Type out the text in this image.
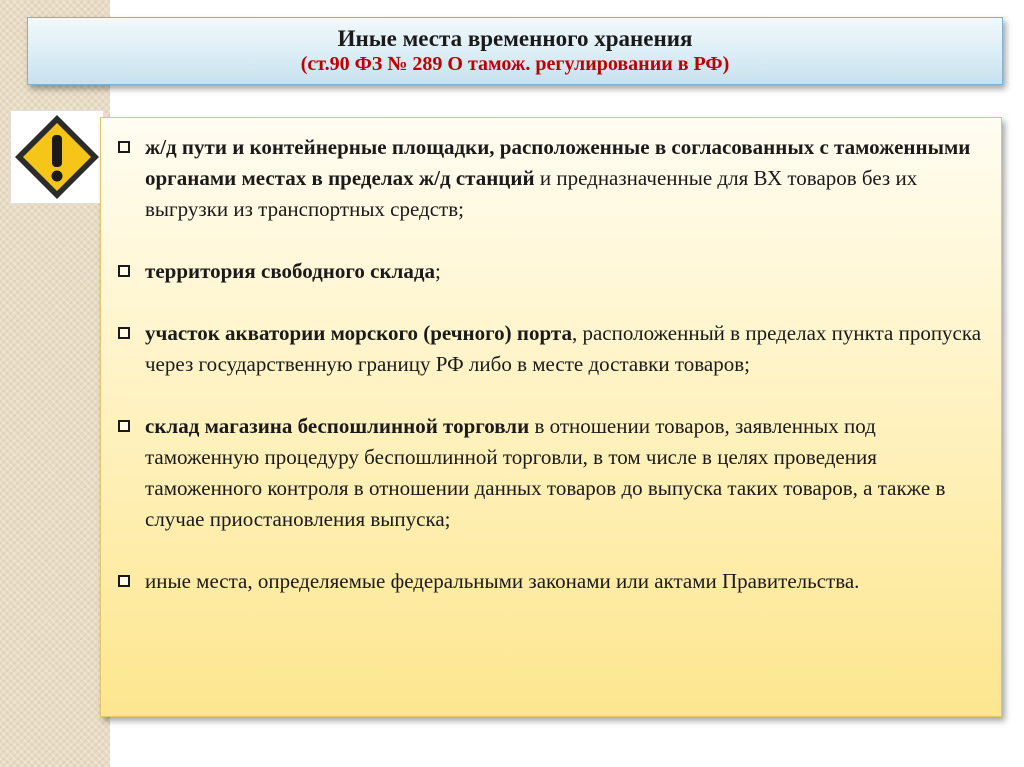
Иные места временного хранения
(ст.90 ФЗ № 289 О тамож. регулировании в РФ)
ж/д пути и контейнерные площадки, расположенные в согласованных с таможенными органами местах в пределах ж/д станций и предназначенные для ВХ товаров без их выгрузки из транспортных средств;
территория свободного склада;
участок акватории морского (речного) порта, расположенный в пределах пункта пропуска через государственную границу РФ либо в месте доставки товаров;
склад магазина беспошлинной торговли в отношении товаров, заявленных под таможенную процедуру беспошлинной торговли, в том числе в целях проведения таможенного контроля в отношении данных товаров до выпуска таких товаров, а также в случае приостановления выпуска;
иные места, определяемые федеральными законами или актами Правительства.
